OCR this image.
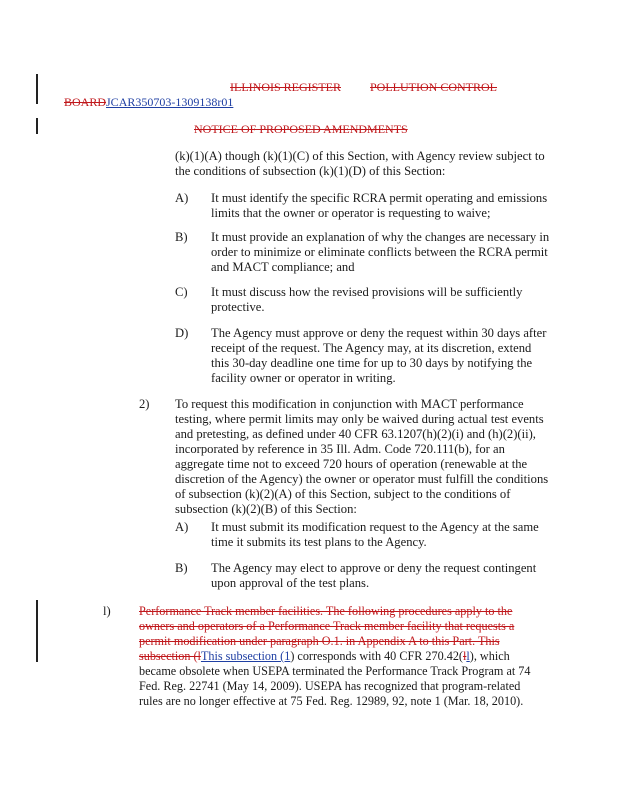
ILLINOIS REGISTER POLLUTION CONTROL
BOARDJCAR350703-1309138r01
NOTICE OF PROPOSED AMENDMENTS
(k)(1)(A) though (k)(1)(C) of this Section, with Agency review subject to
the conditions of subsection (k)(1)(D) of this Section:
A) It must identify the specific RCRA permit operating and emissions
limits that the owner or operator is requesting to waive;
B) It must provide an explanation of why the changes are necessary in
order to minimize or eliminate conflicts between the RCRA permit
and MACT compliance; and
C) It must discuss how the revised provisions will be sufficiently
protective.
D) The Agency must approve or deny the request within 30 days after
receipt of the request. The Agency may, at its discretion, extend
this 30-day deadline one time for up to 30 days by notifying the
facility owner or operator in writing.
2) To request this modification in conjunction with MACT performance
testing, where permit limits may only be waived during actual test events
and pretesting, as defined under 40 CFR 63.1207(h)(2)(i) and (h)(2)(ii),
incorporated by reference in 35 Ill. Adm. Code 720.111(b), for an
aggregate time not to exceed 720 hours of operation (renewable at the
discretion of the Agency) the owner or operator must fulfill the conditions
of subsection (k)(2)(A) of this Section, subject to the conditions of
subsection (k)(2)(B) of this Section:
A) It must submit its modification request to the Agency at the same
time it submits its test plans to the Agency.
B) The Agency may elect to approve or deny the request contingent
upon approval of the test plans.
l) Performance Track member facilities. The following procedures apply to the
owners and operators of a Performance Track member facility that requests a
permit modification under paragraph O.1. in Appendix A to this Part. This
subsection (lThis subsection (1) corresponds with 40 CFR 270.42(ll), which
became obsolete when USEPA terminated the Performance Track Program at 74
Fed. Reg. 22741 (May 14, 2009). USEPA has recognized that program-related
rules are no longer effective at 75 Fed. Reg. 12989, 92, note 1 (Mar. 18, 2010).
